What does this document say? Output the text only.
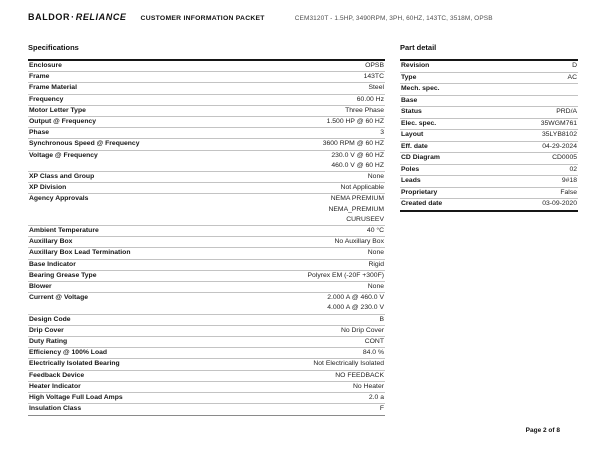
BALDOR·RELIANCE CUSTOMER INFORMATION PACKET	CEM3120T - 1.5HP, 3490RPM, 3PH, 60HZ, 143TC, 3518M, OPSB
Specifications	Part detail
Enclosure	OPSB
Frame	143TC
Frame Material	Steel
Frequency	60.00 Hz
Motor Letter Type	Three Phase
Output @ Frequency	1.500 HP @ 60 HZ
Phase	3
Synchronous Speed @ Frequency	3600 RPM @ 60 HZ
Voltage @ Frequency	230.0 V @ 60 HZ
460.0 V @ 60 HZ
XP Class and Group	None
XP Division	Not Applicable
Agency Approvals	NEMA PREMIUM
NEMA_PREMIUM
CURUSEEV
Ambient Temperature	40 °C
Auxillary Box	No Auxillary Box
Auxillary Box Lead Termination	None
Base Indicator	Rigid
Bearing Grease Type	Polyrex EM (-20F +300F)
Blower	None
Current @ Voltage	2.000 A @ 460.0 V
4.000 A @ 230.0 V
Design Code	B
Drip Cover	No Drip Cover
Duty Rating	CONT
Efficiency @ 100% Load	84.0 %
Electrically Isolated Bearing	Not Electrically Isolated
Feedback Device	NO FEEDBACK
Heater Indicator	No Heater
High Voltage Full Load Amps	2.0 a
Insulation Class	F
Revision	D
Type	AC
Mech. spec.
Base
Status	PRD/A
Elec. spec.	35WGM761
Layout	35LYB8102
Eff. date	04-29-2024
CD Diagram	CD0005
Poles	02
Leads	9#18
Proprietary	False
Created date	03-09-2020
Page 2 of 8
